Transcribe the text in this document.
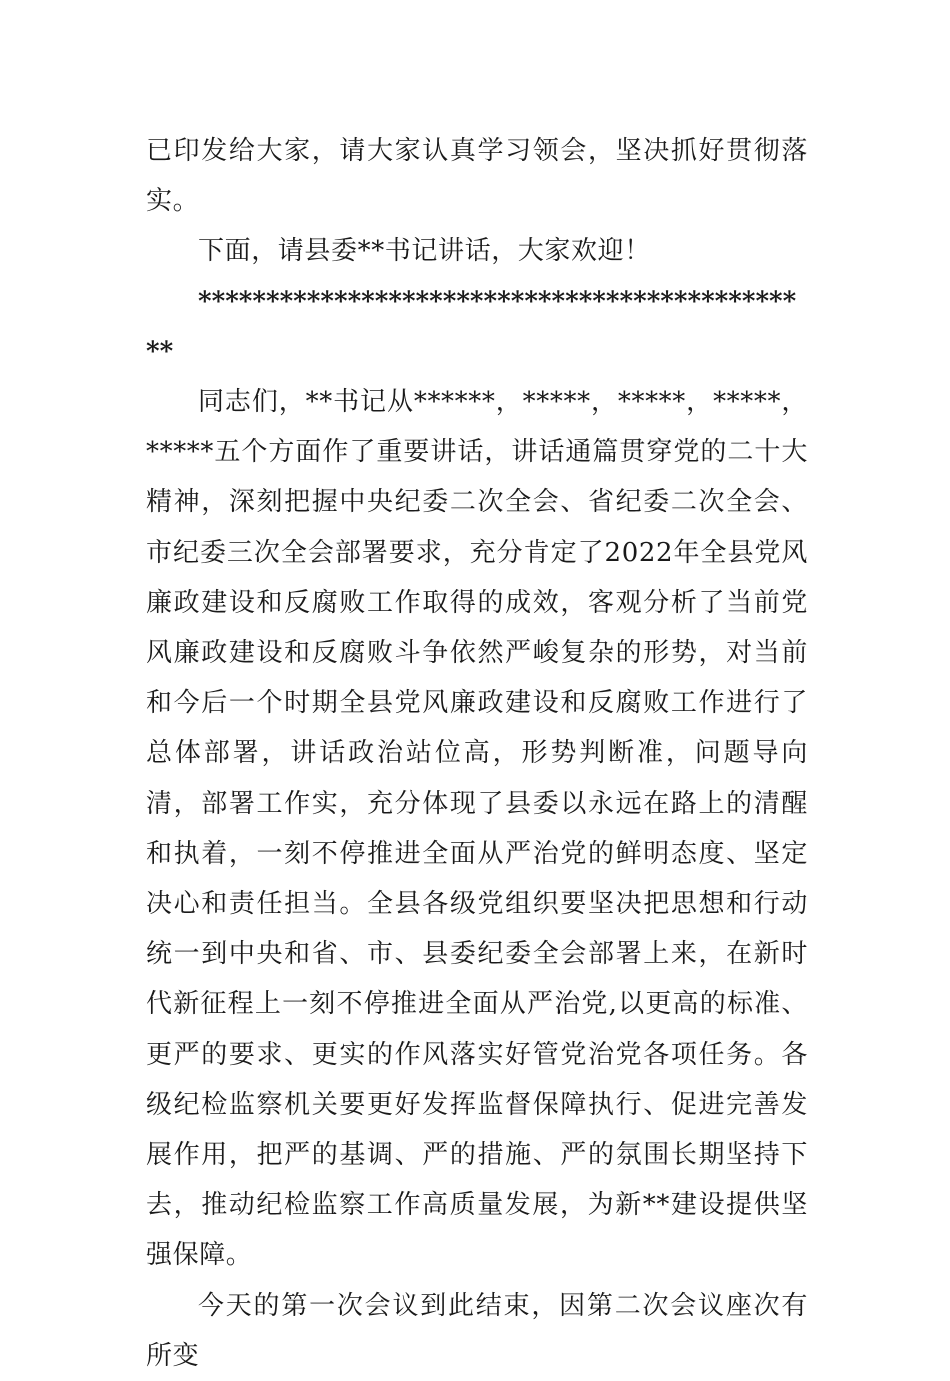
已印发给大家，请大家认真学习领会，坚决抓好贯彻落实。

下面，请县委**书记讲话，大家欢迎！

**********************************************

同志们，**书记从******，*****，*****，*****，*****五个方面作了重要讲话，讲话通篇贯穿党的二十大精神，深刻把握中央纪委二次全会、省纪委二次全会、市纪委三次全会部署要求，充分肯定了2022年全县党风廉政建设和反腐败工作取得的成效，客观分析了当前党风廉政建设和反腐败斗争依然严峻复杂的形势，对当前和今后一个时期全县党风廉政建设和反腐败工作进行了总体部署，讲话政治站位高，形势判断准，问题导向清，部署工作实，充分体现了县委以永远在路上的清醒和执着，一刻不停推进全面从严治党的鲜明态度、坚定决心和责任担当。全县各级党组织要坚决把思想和行动统一到中央和省、市、县委纪委全会部署上来，在新时代新征程上一刻不停推进全面从严治党,以更高的标准、更严的要求、更实的作风落实好管党治党各项任务。各级纪检监察机关要更好发挥监督保障执行、促进完善发展作用，把严的基调、严的措施、严的氛围长期坚持下去，推动纪检监察工作高质量发展，为新**建设提供坚强保障。

今天的第一次会议到此结束，因第二次会议座次有所变
